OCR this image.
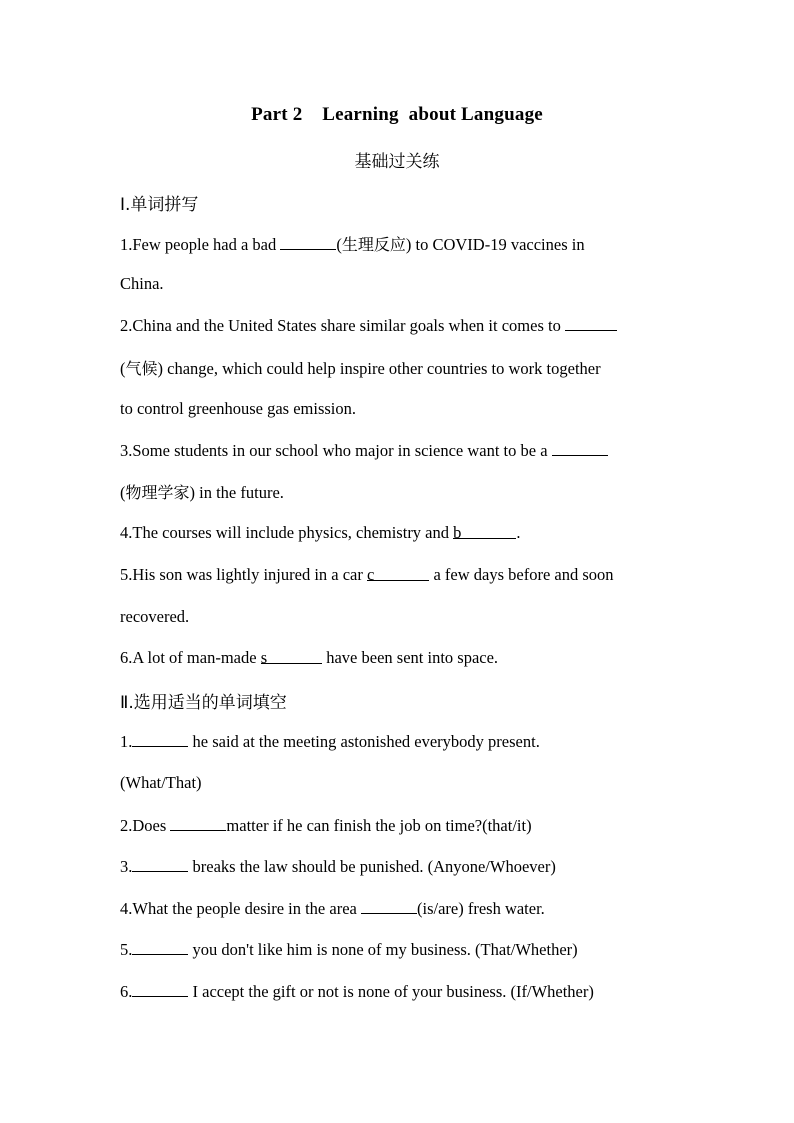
Part 2    Learning  about Language
基础过关练
Ⅰ.单词拼写
1.Few people had a bad	(生理反应) to COVID-19 vaccines in
China.
2.China and the United States share similar goals when it comes to
(气候) change, which could help inspire other countries to work together
to control greenhouse gas emission.
3.Some students in our school who major in science want to be a
(物理学家) in the future.
4.The courses will include physics, chemistry and b	.
5.His son was lightly injured in a car c	a few days before and soon
recovered.
6.A lot of man-made s	have been sent into space.
Ⅱ.选用适当的单词填空
1.	he said at the meeting astonished everybody present.
(What/That)
2.Does	matter if he can finish the job on time?(that/it)
3.	breaks the law should be punished. (Anyone/Whoever)
4.What the people desire in the area	(is/are) fresh water.
5.	you don't like him is none of my business. (That/Whether)
6.	I accept the gift or not is none of your business. (If/Whether)
